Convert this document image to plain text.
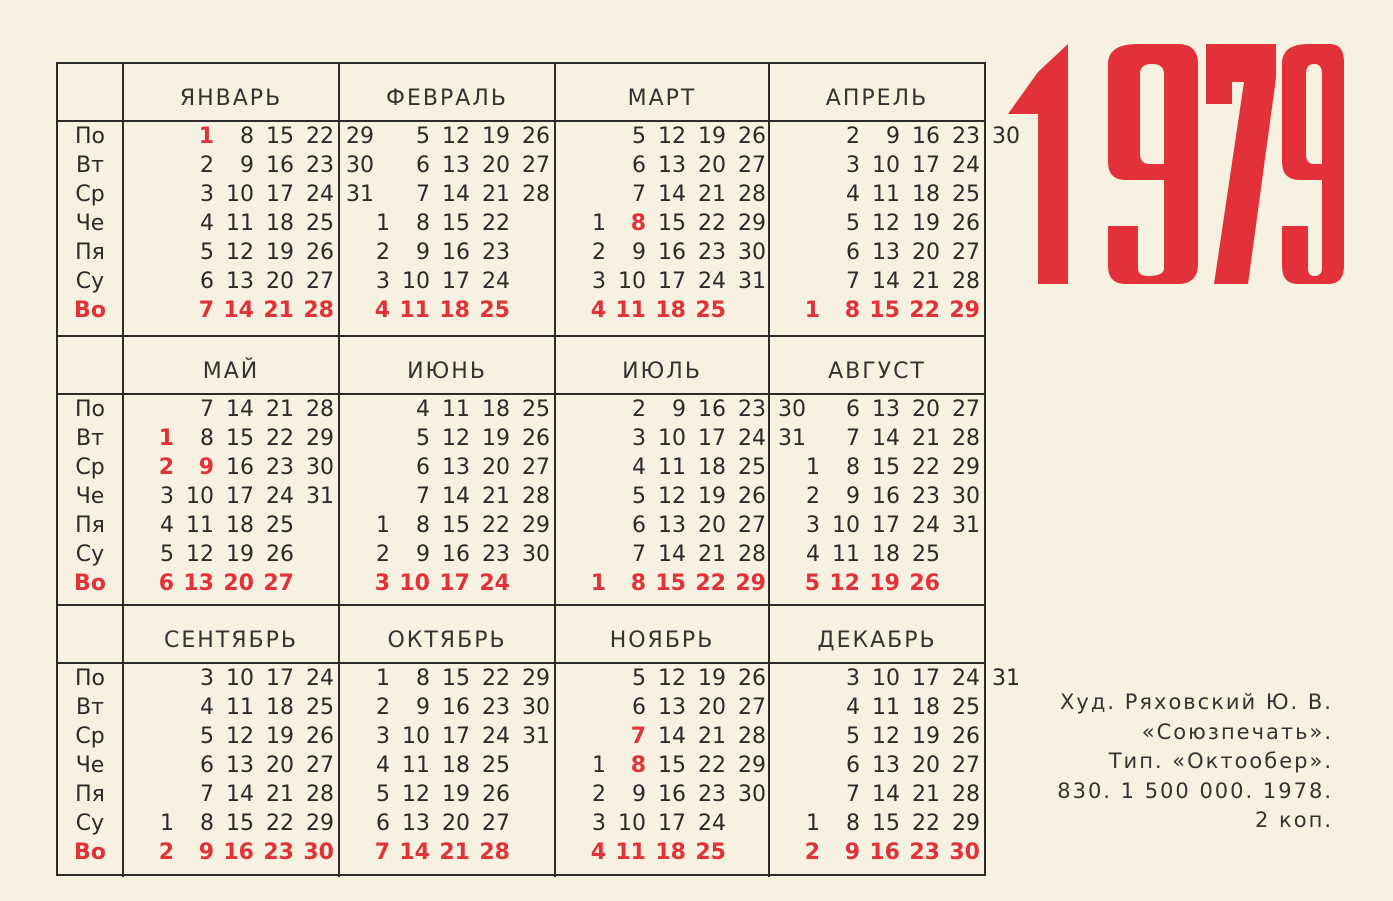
По
Вт
Ср
Че
Пя
Су
Во
ЯНВАРЬ
1
2
3
4
5
6
7
8
9
10
11
12
13
14
15
16
17
18
19
20
21
22
23
24
25
26
27
28
29
30
31
ФЕВРАЛЬ
1
2
3
4
5
6
7
8
9
10
11
12
13
14
15
16
17
18
19
20
21
22
23
24
25
26
27
28
МАРТ
1
2
3
4
5
6
7
8
9
10
11
12
13
14
15
16
17
18
19
20
21
22
23
24
25
26
27
28
29
30
31
АПРЕЛЬ
1
2
3
4
5
6
7
8
9
10
11
12
13
14
15
16
17
18
19
20
21
22
23
24
25
26
27
28
29
30
По
Вт
Ср
Че
Пя
Су
Во
МАЙ
1
2
3
4
5
6
7
8
9
10
11
12
13
14
15
16
17
18
19
20
21
22
23
24
25
26
27
28
29
30
31
ИЮНЬ
1
2
3
4
5
6
7
8
9
10
11
12
13
14
15
16
17
18
19
20
21
22
23
24
25
26
27
28
29
30
ИЮЛЬ
1
2
3
4
5
6
7
8
9
10
11
12
13
14
15
16
17
18
19
20
21
22
23
24
25
26
27
28
29
30
31
АВГУСТ
1
2
3
4
5
6
7
8
9
10
11
12
13
14
15
16
17
18
19
20
21
22
23
24
25
26
27
28
29
30
31
По
Вт
Ср
Че
Пя
Су
Во
СЕНТЯБРЬ
1
2
3
4
5
6
7
8
9
10
11
12
13
14
15
16
17
18
19
20
21
22
23
24
25
26
27
28
29
30
ОКТЯБРЬ
1
2
3
4
5
6
7
8
9
10
11
12
13
14
15
16
17
18
19
20
21
22
23
24
25
26
27
28
29
30
31
НОЯБРЬ
1
2
3
4
5
6
7
8
9
10
11
12
13
14
15
16
17
18
19
20
21
22
23
24
25
26
27
28
29
30
ДЕКАБРЬ
1
2
3
4
5
6
7
8
9
10
11
12
13
14
15
16
17
18
19
20
21
22
23
24
25
26
27
28
29
30
31
Худ. Ряховский Ю. В.
«Союзпечать».
Тип. «Октообер».
830. 1 500 000. 1978.
2 коп.
